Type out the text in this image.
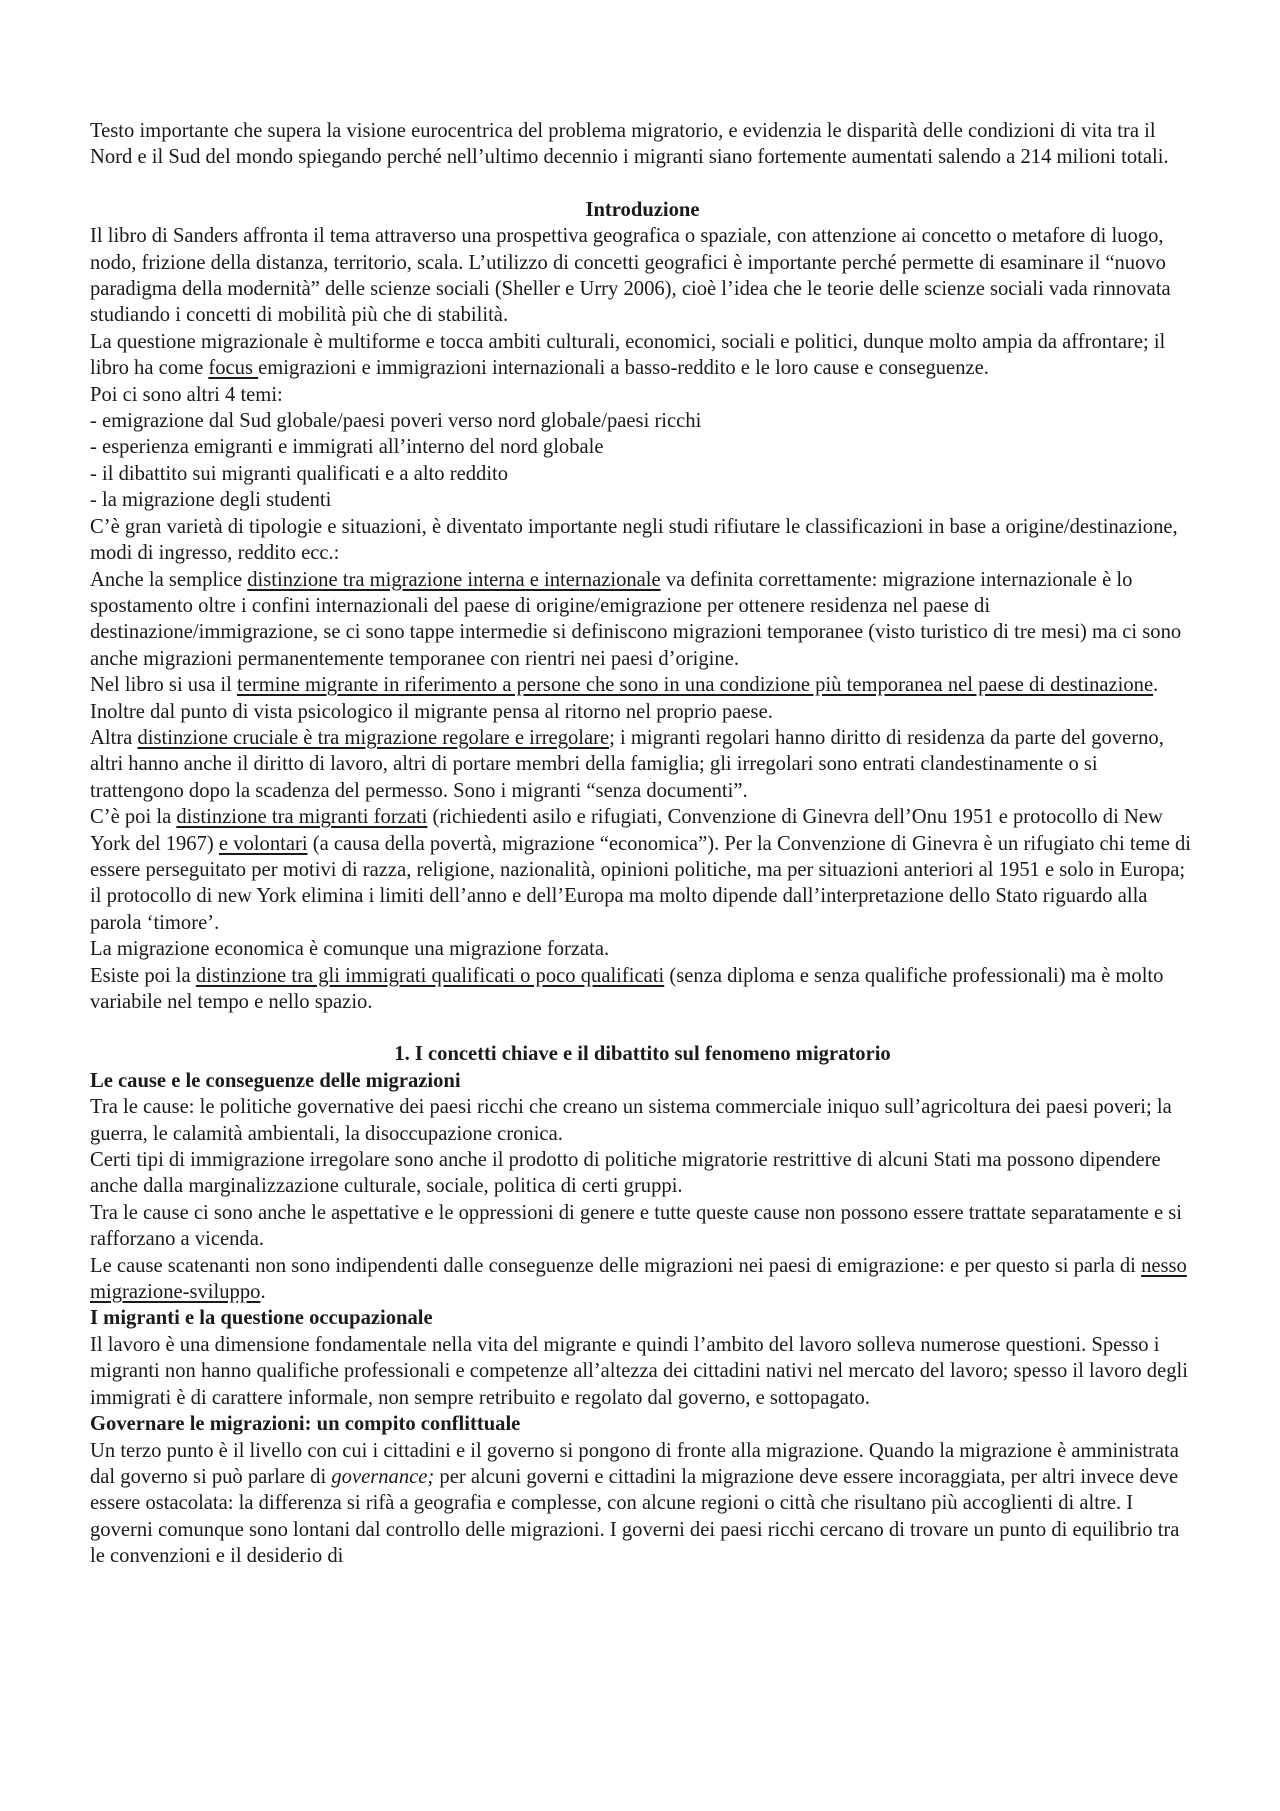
Testo importante che supera la visione eurocentrica del problema migratorio, e evidenzia le disparità delle condizioni di vita tra il Nord e il Sud del mondo spiegando perché nell’ultimo decennio i migranti siano fortemente aumentati salendo a 214 milioni totali.

Introduzione

Il libro di Sanders affronta il tema attraverso una prospettiva geografica o spaziale, con attenzione ai concetto o metafore di luogo, nodo, frizione della distanza, territorio, scala. L’utilizzo di concetti geografici è importante perché permette di esaminare il “nuovo paradigma della modernità” delle scienze sociali (Sheller e Urry 2006), cioè l’idea che le teorie delle scienze sociali vada rinnovata studiando i concetti di mobilità più che di stabilità.

La questione migrazionale è multiforme e tocca ambiti culturali, economici, sociali e politici, dunque molto ampia da affrontare; il libro ha come focus emigrazioni e immigrazioni internazionali a basso-reddito e le loro cause e conseguenze.

Poi ci sono altri 4 temi:

- emigrazione dal Sud globale/paesi poveri verso nord globale/paesi ricchi

- esperienza emigranti e immigrati all’interno del nord globale

- il dibattito sui migranti qualificati e a alto reddito

- la migrazione degli studenti

C’è gran varietà di tipologie e situazioni, è diventato importante negli studi rifiutare le classificazioni in base a origine/destinazione, modi di ingresso, reddito ecc.:

Anche la semplice distinzione tra migrazione interna e internazionale va definita correttamente: migrazione internazionale è lo spostamento oltre i confini internazionali del paese di origine/emigrazione per ottenere residenza nel paese di destinazione/immigrazione, se ci sono tappe intermedie si definiscono migrazioni temporanee (visto turistico di tre mesi) ma ci sono anche migrazioni permanentemente temporanee con rientri nei paesi d’origine.

Nel libro si usa il termine migrante in riferimento a persone che sono in una condizione più temporanea nel paese di destinazione. Inoltre dal punto di vista psicologico il migrante pensa al ritorno nel proprio paese.

Altra distinzione cruciale è tra migrazione regolare e irregolare; i migranti regolari hanno diritto di residenza da parte del governo, altri hanno anche il diritto di lavoro, altri di portare membri della famiglia; gli irregolari sono entrati clandestinamente o si trattengono dopo la scadenza del permesso. Sono i migranti “senza documenti”.

C’è poi la distinzione tra migranti forzati (richiedenti asilo e rifugiati, Convenzione di Ginevra dell’Onu 1951 e protocollo di New York del 1967) e volontari (a causa della povertà, migrazione “economica”). Per la Convenzione di Ginevra è un rifugiato chi teme di essere perseguitato per motivi di razza, religione, nazionalità, opinioni politiche, ma per situazioni anteriori al 1951 e solo in Europa; il protocollo di new York elimina i limiti dell’anno e dell’Europa ma molto dipende dall’interpretazione dello Stato riguardo alla parola ‘timore’.

La migrazione economica è comunque una migrazione forzata.

Esiste poi la distinzione tra gli immigrati qualificati o poco qualificati (senza diploma e senza qualifiche professionali) ma è molto variabile nel tempo e nello spazio.

1. I concetti chiave e il dibattito sul fenomeno migratorio

Le cause e le conseguenze delle migrazioni

Tra le cause: le politiche governative dei paesi ricchi che creano un sistema commerciale iniquo sull’agricoltura dei paesi poveri; la guerra, le calamità ambientali, la disoccupazione cronica.

Certi tipi di immigrazione irregolare sono anche il prodotto di politiche migratorie restrittive di alcuni Stati ma possono dipendere anche dalla marginalizzazione culturale, sociale, politica di certi gruppi.

Tra le cause ci sono anche le aspettative e le oppressioni di genere e tutte queste cause non possono essere trattate separatamente e si rafforzano a vicenda.

Le cause scatenanti non sono indipendenti dalle conseguenze delle migrazioni nei paesi di emigrazione: e per questo si parla di nesso migrazione-sviluppo.

I migranti e la questione occupazionale

Il lavoro è una dimensione fondamentale nella vita del migrante e quindi l’ambito del lavoro solleva numerose questioni. Spesso i migranti non hanno qualifiche professionali e competenze all’altezza dei cittadini nativi nel mercato del lavoro; spesso il lavoro degli immigrati è di carattere informale, non sempre retribuito e regolato dal governo, e sottopagato.

Governare le migrazioni: un compito conflittuale

Un terzo punto è il livello con cui i cittadini e il governo si pongono di fronte alla migrazione. Quando la migrazione è amministrata dal governo si può parlare di governance; per alcuni governi e cittadini la migrazione deve essere incoraggiata, per altri invece deve essere ostacolata: la differenza si rifà a geografia e complesse, con alcune regioni o città che risultano più accoglienti di altre. I governi comunque sono lontani dal controllo delle migrazioni. I governi dei paesi ricchi cercano di trovare un punto di equilibrio tra le convenzioni e il desiderio di
